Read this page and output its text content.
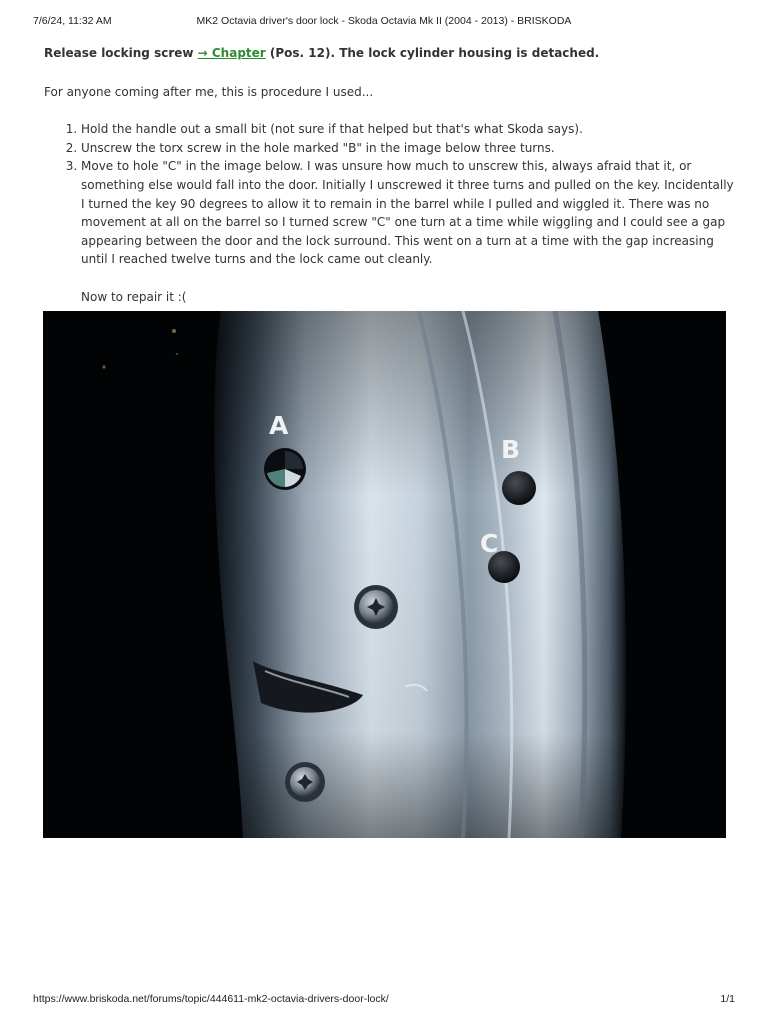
7/6/24, 11:32 AM	MK2 Octavia driver's door lock - Skoda Octavia Mk II (2004 - 2013) - BRISKODA

Release locking screw → Chapter (Pos. 12). The lock cylinder housing is detached.

For anyone coming after me, this is procedure I used...

1. Hold the handle out a small bit (not sure if that helped but that's what Skoda says).
2. Unscrew the torx screw in the hole marked "B" in the image below three turns.
3. Move to hole "C" in the image below. I was unsure how much to unscrew this, always afraid that it, or something else would fall into the door. Initially I unscrewed it three turns and pulled on the key. Incidentally I turned the key 90 degrees to allow it to remain in the barrel while I pulled and wiggled it. There was no movement at all on the barrel so I turned screw "C" one turn at a time while wiggling and I could see a gap appearing between the door and the lock surround. This went on a turn at a time with the gap increasing until I reached twelve turns and the lock came out cleanly.

Now to repair it :(

A
B
C
https://www.briskoda.net/forums/topic/444611-mk2-octavia-drivers-door-lock/	1/1
